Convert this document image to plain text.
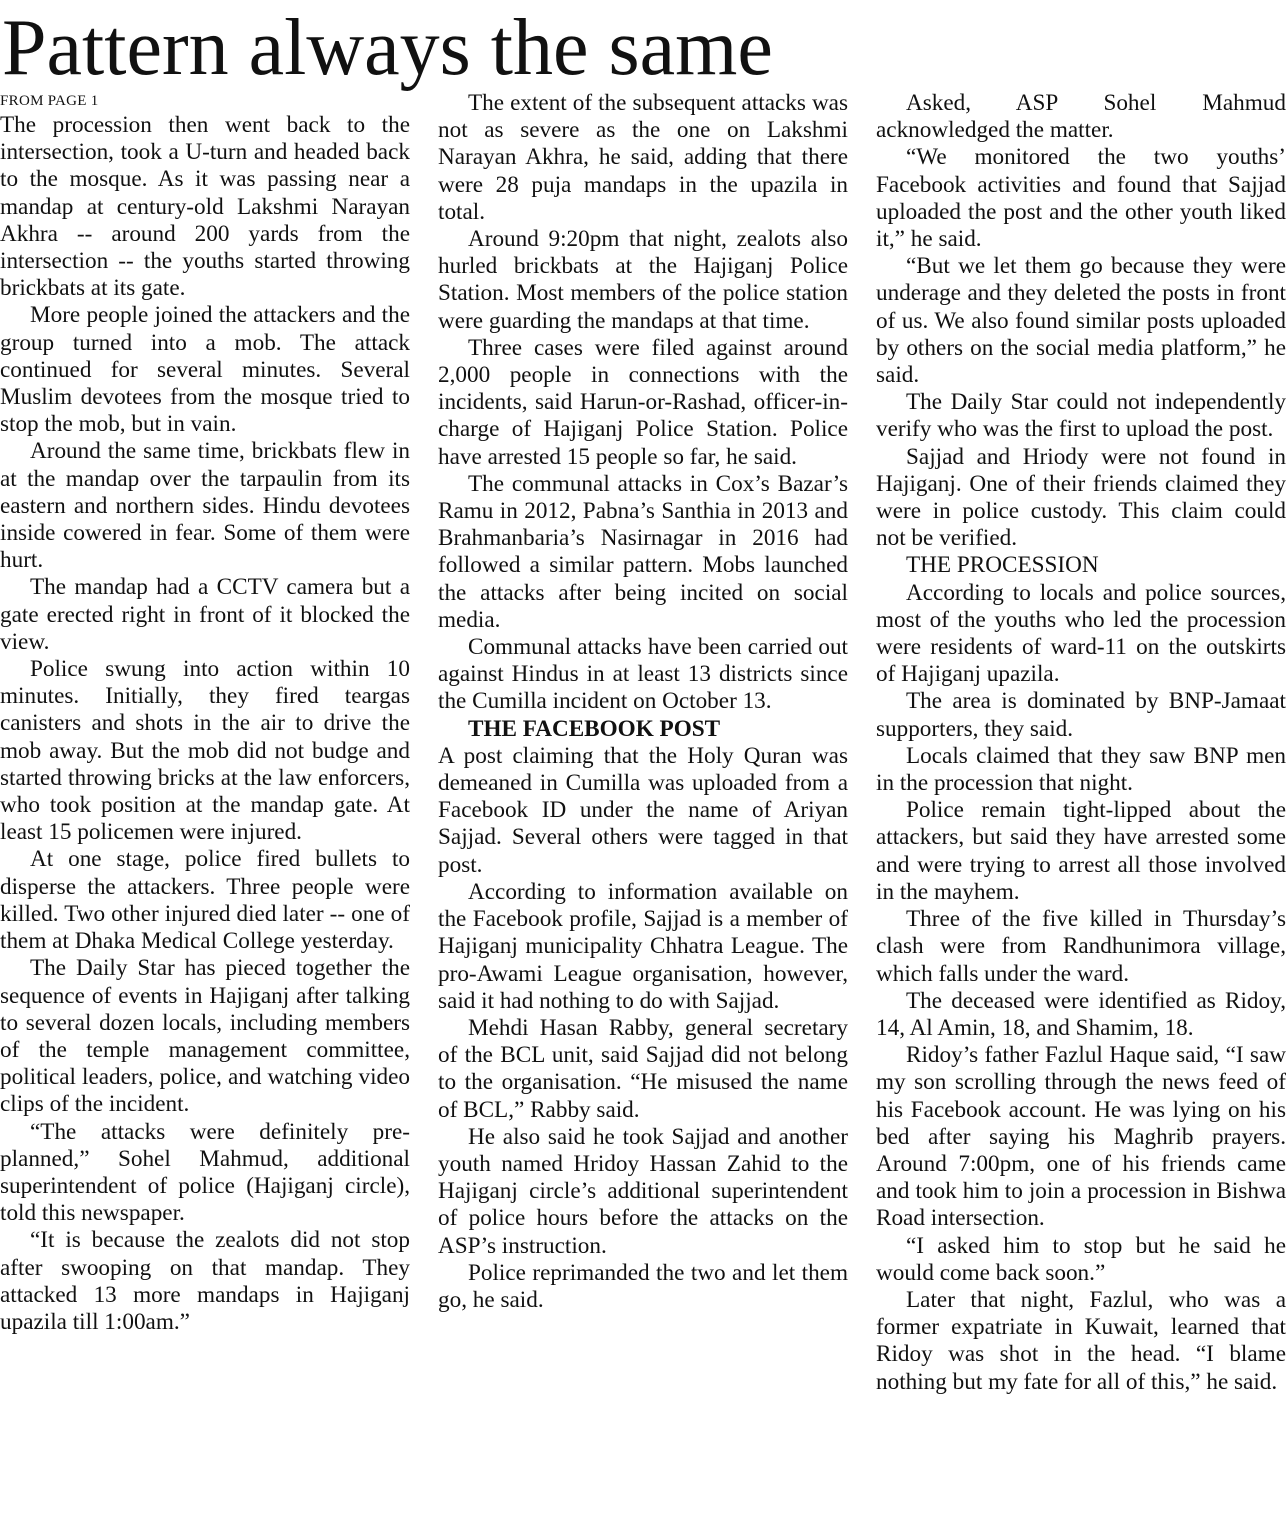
Pattern always the same
FROM PAGE 1

The procession then went back to the intersection, took a U-turn and headed back to the mosque. As it was passing near a mandap at century-old Lakshmi Narayan Akhra -- around 200 yards from the intersection -- the youths started throwing brickbats at its gate.

More people joined the attackers and the group turned into a mob. The attack continued for several minutes. Several Muslim devotees from the mosque tried to stop the mob, but in vain.

Around the same time, brickbats flew in at the mandap over the tarpaulin from its eastern and northern sides. Hindu devotees inside cowered in fear. Some of them were hurt.

The mandap had a CCTV camera but a gate erected right in front of it blocked the view.

Police swung into action within 10 minutes. Initially, they fired teargas canisters and shots in the air to drive the mob away. But the mob did not budge and started throwing bricks at the law enforcers, who took position at the mandap gate. At least 15 policemen were injured.

At one stage, police fired bullets to disperse the attackers. Three people were killed. Two other injured died later -- one of them at Dhaka Medical College yesterday.

The Daily Star has pieced together the sequence of events in Hajiganj after talking to several dozen locals, including members of the temple management committee, political leaders, police, and watching video clips of the incident.

“The attacks were definitely pre-planned,” Sohel Mahmud, additional superintendent of police (Hajiganj circle), told this newspaper.

“It is because the zealots did not stop after swooping on that mandap. They attacked 13 more mandaps in Hajiganj upazila till 1:00am.”

The extent of the subsequent attacks was not as severe as the one on Lakshmi Narayan Akhra, he said, adding that there were 28 puja mandaps in the upazila in total.

Around 9:20pm that night, zealots also hurled brickbats at the Hajiganj Police Station. Most members of the police station were guarding the mandaps at that time.

Three cases were filed against around 2,000 people in connections with the incidents, said Harun-or-Rashad, officer-in-charge of Hajiganj Police Station. Police have arrested 15 people so far, he said.

The communal attacks in Cox’s Bazar’s Ramu in 2012, Pabna’s Santhia in 2013 and Brahmanbaria’s Nasirnagar in 2016 had followed a similar pattern. Mobs launched the attacks after being incited on social media.

Communal attacks have been carried out against Hindus in at least 13 districts since the Cumilla incident on October 13.

THE FACEBOOK POST

A post claiming that the Holy Quran was demeaned in Cumilla was uploaded from a Facebook ID under the name of Ariyan Sajjad. Several others were tagged in that post.

According to information available on the Facebook profile, Sajjad is a member of Hajiganj municipality Chhatra League. The pro-Awami League organisation, however, said it had nothing to do with Sajjad.

Mehdi Hasan Rabby, general secretary of the BCL unit, said Sajjad did not belong to the organisation. “He misused the name of BCL,” Rabby said.

He also said he took Sajjad and another youth named Hridoy Hassan Zahid to the Hajiganj circle’s additional superintendent of police hours before the attacks on the ASP’s instruction.

Police reprimanded the two and let them go, he said.

Asked, ASP Sohel Mahmud acknowledged the matter.

“We monitored the two youths’ Facebook activities and found that Sajjad uploaded the post and the other youth liked it,” he said.

“But we let them go because they were underage and they deleted the posts in front of us. We also found similar posts uploaded by others on the social media platform,” he said.

The Daily Star could not independently verify who was the first to upload the post.

Sajjad and Hriody were not found in Hajiganj. One of their friends claimed they were in police custody. This claim could not be verified.

THE PROCESSION

According to locals and police sources, most of the youths who led the procession were residents of ward-11 on the outskirts of Hajiganj upazila.

The area is dominated by BNP-Jamaat supporters, they said.

Locals claimed that they saw BNP men in the procession that night.

Police remain tight-lipped about the attackers, but said they have arrested some and were trying to arrest all those involved in the mayhem.

Three of the five killed in Thursday’s clash were from Randhunimora village, which falls under the ward.

The deceased were identified as Ridoy, 14, Al Amin, 18, and Shamim, 18.

Ridoy’s father Fazlul Haque said, “I saw my son scrolling through the news feed of his Facebook account. He was lying on his bed after saying his Maghrib prayers. Around 7:00pm, one of his friends came and took him to join a procession in Bishwa Road intersection.

“I asked him to stop but he said he would come back soon.”

Later that night, Fazlul, who was a former expatriate in Kuwait, learned that Ridoy was shot in the head. “I blame nothing but my fate for all of this,” he said.
